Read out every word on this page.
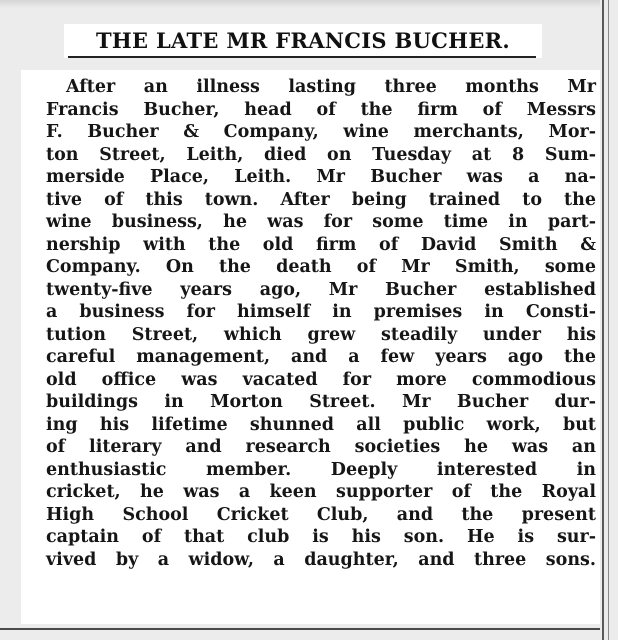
THE LATE MR FRANCIS BUCHER.
After an illness lasting three months Mr
Francis Bucher, head of the firm of Messrs
F. Bucher & Company, wine merchants, Mor-
ton Street, Leith, died on Tuesday at 8 Sum-
merside Place, Leith. Mr Bucher was a na-
tive of this town. After being trained to the
wine business, he was for some time in part-
nership with the old firm of David Smith &
Company. On the death of Mr Smith, some
twenty-five years ago, Mr Bucher established
a business for himself in premises in Consti-
tution Street, which grew steadily under his
careful management, and a few years ago the
old office was vacated for more commodious
buildings in Morton Street. Mr Bucher dur-
ing his lifetime shunned all public work, but
of literary and research societies he was an
enthusiastic member. Deeply interested in
cricket, he was a keen supporter of the Royal
High School Cricket Club, and the present
captain of that club is his son. He is sur-
vived by a widow, a daughter, and three sons.
